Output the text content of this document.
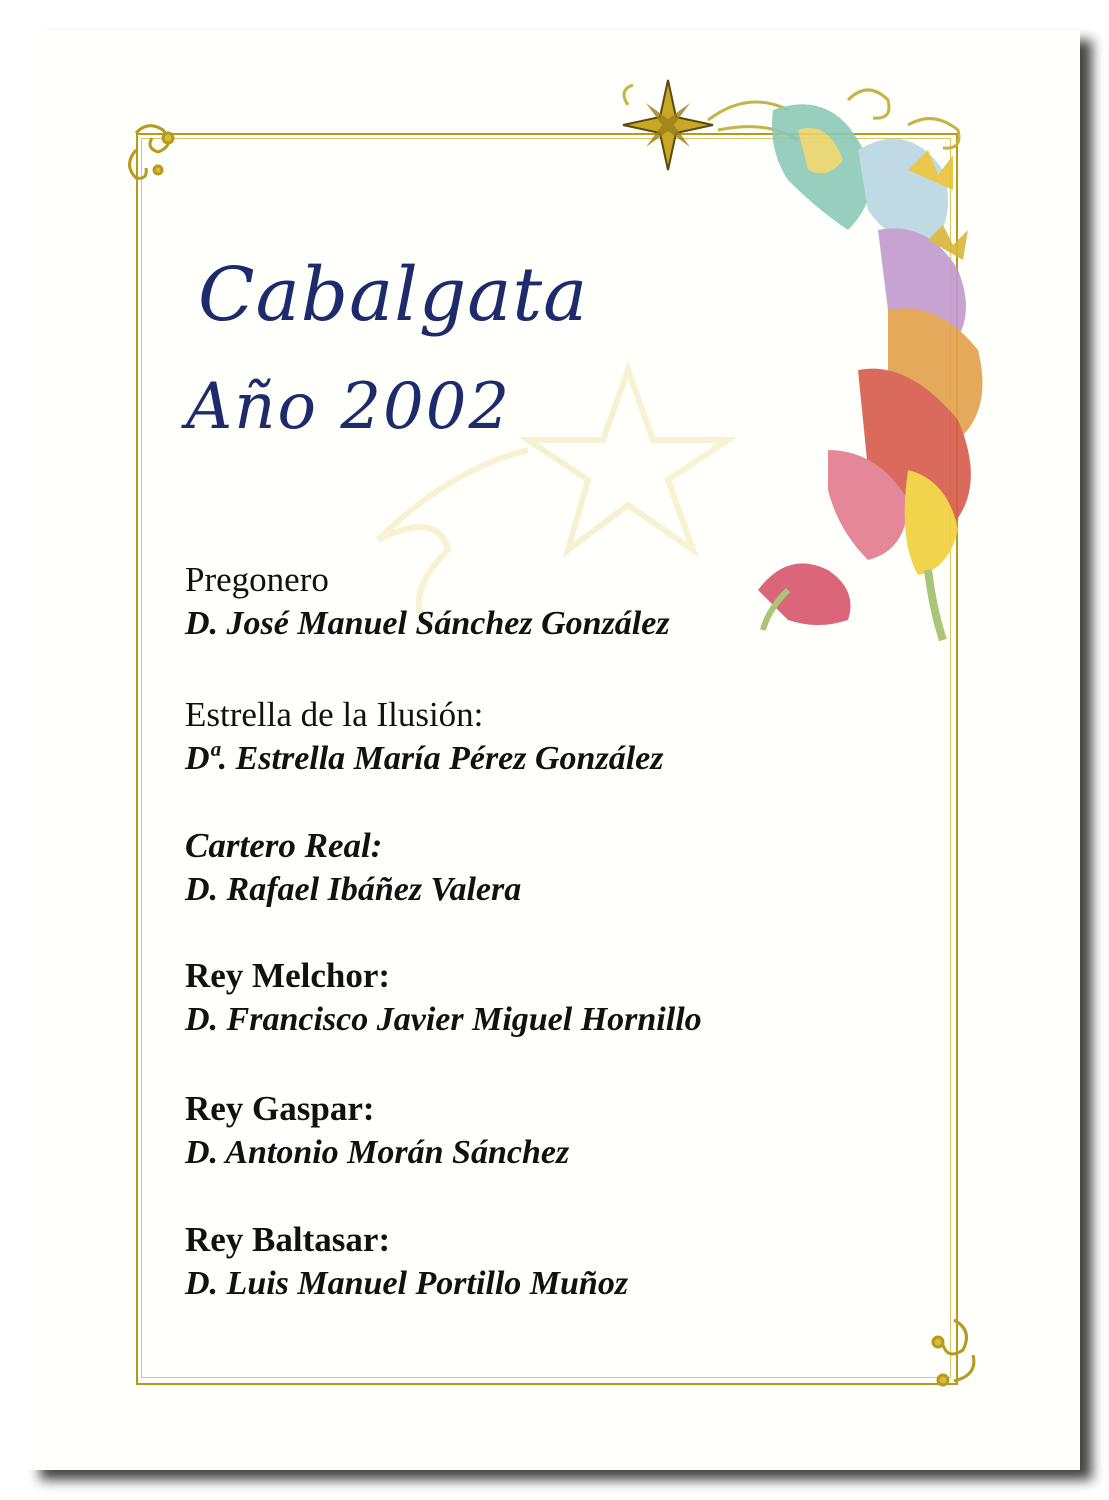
Cabalgata
Año 2002
Pregonero
D. José Manuel Sánchez González
Estrella de la Ilusión:
Dª. Estrella María Pérez González
Cartero Real:
D. Rafael Ibáñez Valera
Rey Melchor:
D. Francisco Javier Miguel Hornillo
Rey Gaspar:
D. Antonio Morán Sánchez
Rey Baltasar:
D. Luis Manuel Portillo Muñoz
